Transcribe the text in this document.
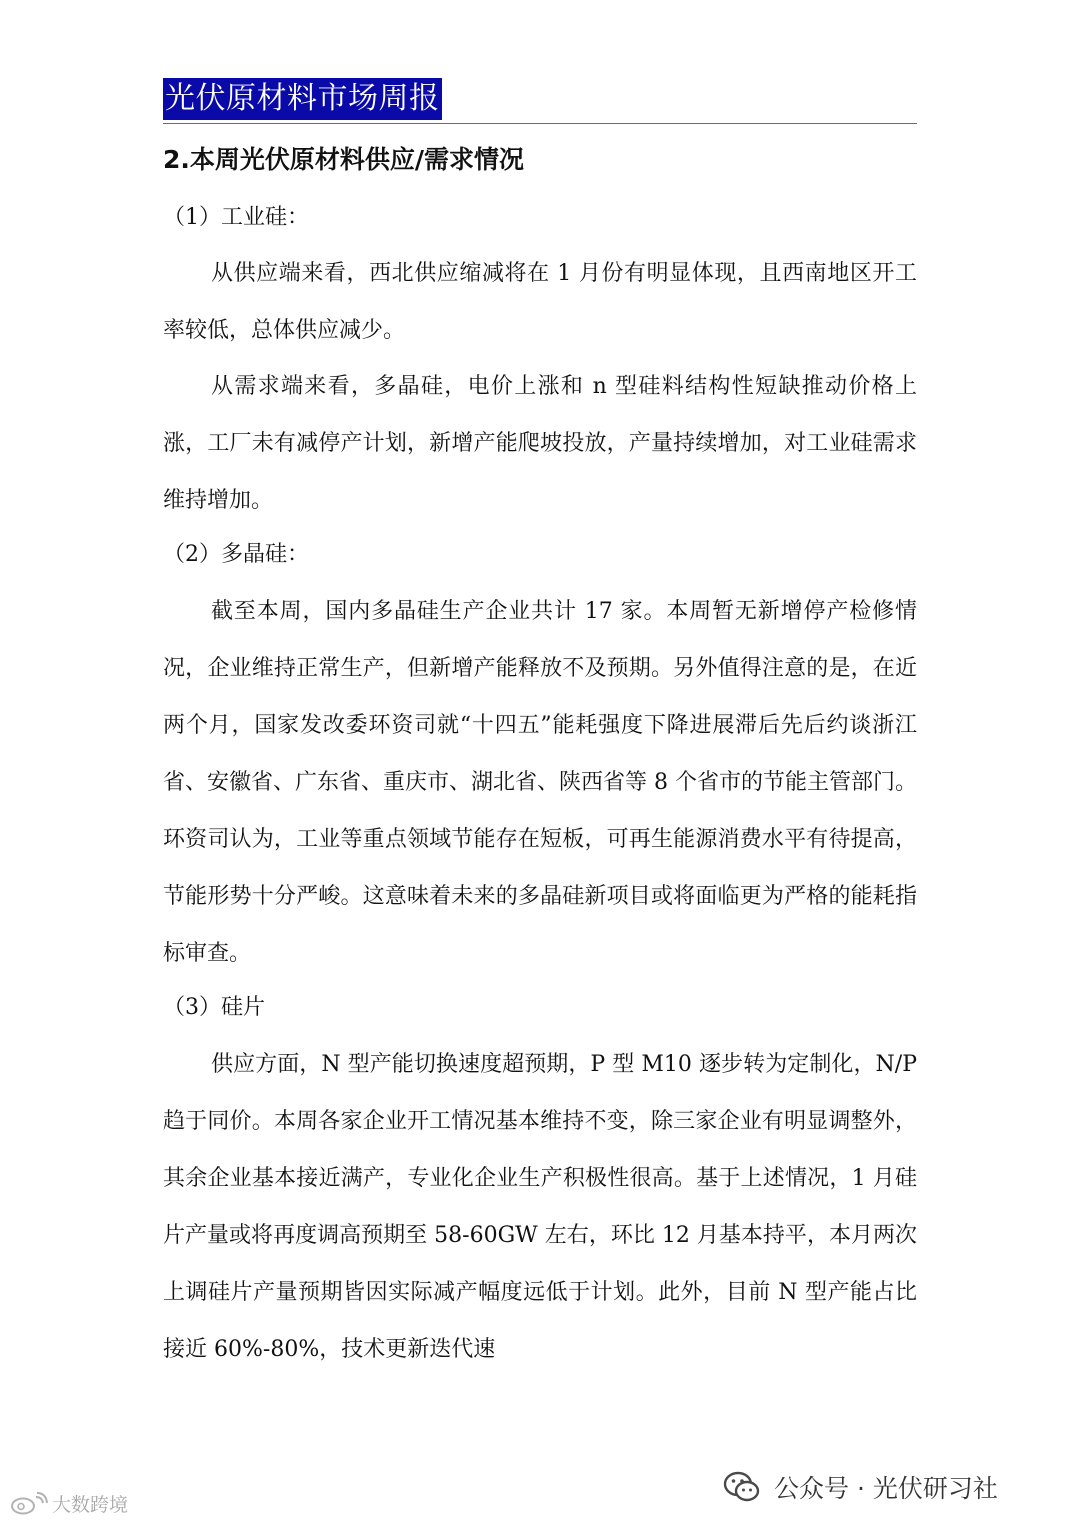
光伏原材料市场周报
2.本周光伏原材料供应/需求情况
（1）工业硅：

从供应端来看，西北供应缩减将在 1 月份有明显体现，且西南地区开工率较低，总体供应减少。

从需求端来看，多晶硅，电价上涨和 n 型硅料结构性短缺推动价格上涨，工厂未有减停产计划，新增产能爬坡投放，产量持续增加，对工业硅需求维持增加。

（2）多晶硅：

截至本周，国内多晶硅生产企业共计 17 家。本周暂无新增停产检修情况，企业维持正常生产，但新增产能释放不及预期。另外值得注意的是，在近两个月，国家发改委环资司就“十四五”能耗强度下降进展滞后先后约谈浙江省、安徽省、广东省、重庆市、湖北省、陕西省等 8 个省市的节能主管部门。环资司认为，工业等重点领域节能存在短板，可再生能源消费水平有待提高，节能形势十分严峻。这意味着未来的多晶硅新项目或将面临更为严格的能耗指标审查。

（3）硅片

供应方面，N 型产能切换速度超预期，P 型 M10 逐步转为定制化，N/P 趋于同价。本周各家企业开工情况基本维持不变，除三家企业有明显调整外，其余企业基本接近满产，专业化企业生产积极性很高。基于上述情况，1 月硅片产量或将再度调高预期至 58-60GW 左右，环比 12 月基本持平，本月两次上调硅片产量预期皆因实际减产幅度远低于计划。此外，目前 N 型产能占比接近 60%-80%，技术更新迭代速

公众号 · 光伏研习社
大数跨境
